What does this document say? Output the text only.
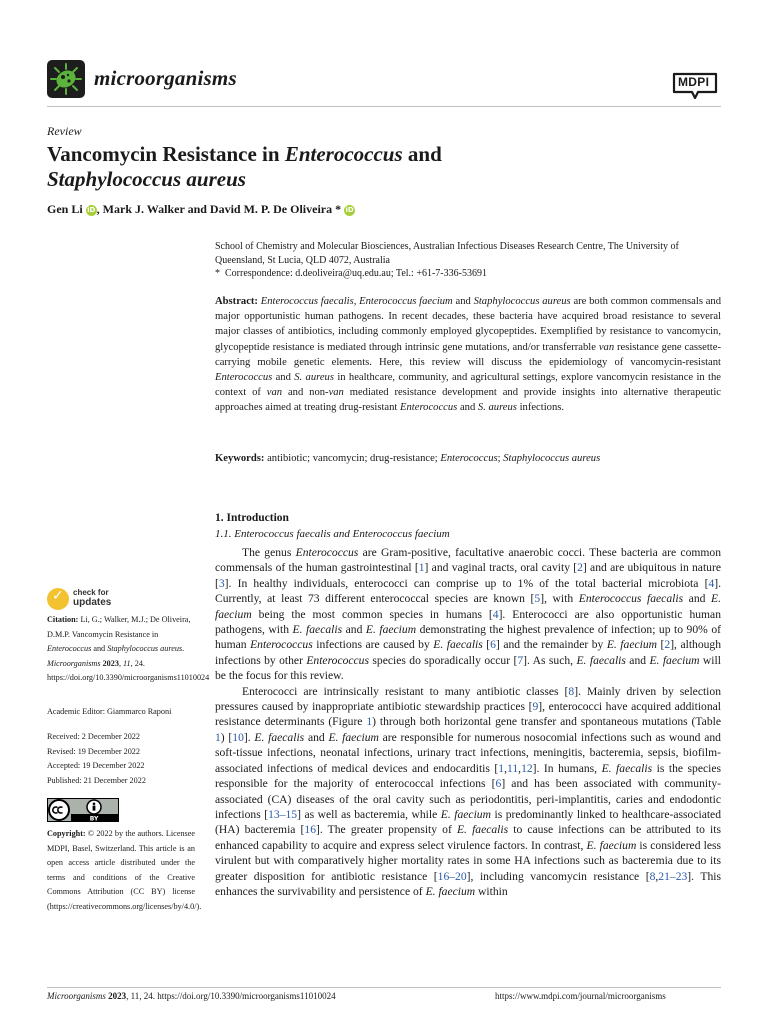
microorganisms	MDPI
Review
Vancomycin Resistance in Enterococcus and
Staphylococcus aureus
Gen Li iD, Mark J. Walker and David M. P. De Oliveira * iD
School of Chemistry and Molecular Biosciences, Australian Infectious Diseases Research Centre, The University of Queensland, St Lucia, QLD 4072, Australia
* Correspondence: d.deoliveira@uq.edu.au; Tel.: +61-7-336-53691
Abstract: Enterococcus faecalis, Enterococcus faecium and Staphylococcus aureus are both common commensals and major opportunistic human pathogens. In recent decades, these bacteria have acquired broad resistance to several major classes of antibiotics, including commonly employed glycopeptides. Exemplified by resistance to vancomycin, glycopeptide resistance is mediated through intrinsic gene mutations, and/or transferrable van resistance gene cassette-carrying mobile genetic elements. Here, this review will discuss the epidemiology of vancomycin-resistant Enterococcus and S. aureus in healthcare, community, and agricultural settings, explore vancomycin resistance in the context of van and non-van mediated resistance development and provide insights into alternative therapeutic approaches aimed at treating drug-resistant Enterococcus and S. aureus infections.
Keywords: antibiotic; vancomycin; drug-resistance; Enterococcus; Staphylococcus aureus
1. Introduction
1.1. Enterococcus faecalis and Enterococcus faecium

The genus Enterococcus are Gram-positive, facultative anaerobic cocci. These bacteria are common commensals of the human gastrointestinal [1] and vaginal tracts, oral cavity [2] and are ubiquitous in nature [3]. In healthy individuals, enterococci can comprise up to 1% of the total bacterial microbiota [4]. Currently, at least 73 different enterococcal species are known [5], with Enterococcus faecalis and E. faecium being the most common species in humans [4]. Enterococci are also opportunistic human pathogens, with E. faecalis and E. faecium demonstrating the highest prevalence of infection; up to 90% of human Enterococcus infections are caused by E. faecalis [6] and the remainder by E. faecium [2], although infections by other Enterococcus species do sporadically occur [7]. As such, E. faecalis and E. faecium will be the focus for this review.

Enterococci are intrinsically resistant to many antibiotic classes [8]. Mainly driven by selection pressures caused by inappropriate antibiotic stewardship practices [9], enterococci have acquired additional resistance determinants (Figure 1) through both horizontal gene transfer and spontaneous mutations (Table 1) [10]. E. faecalis and E. faecium are responsible for numerous nosocomial infections such as wound and soft-tissue infections, neonatal infections, urinary tract infections, meningitis, bacteremia, sepsis, biofilm-associated infections of medical devices and endocarditis [1,11,12]. In humans, E. faecalis is the species responsible for the majority of enterococcal infections [6] and has been associated with community-associated (CA) diseases of the oral cavity such as periodontitis, peri-implantitis, caries and endodontic infections [13–15] as well as bacteremia, while E. faecium is predominantly linked to healthcare-associated (HA) bacteremia [16]. The greater propensity of E. faecalis to cause infections can be attributed to its enhanced capability to acquire and express select virulence factors. In contrast, E. faecium is considered less virulent but with comparatively higher mortality rates in some HA infections such as bacteremia due to its greater disposition for antibiotic resistance [16–20], including vancomycin resistance [8,21–23]. This enhances the survivability and persistence of E. faecium within

✓ check for
updates
Citation: Li, G.; Walker, M.J.; De Oliveira, D.M.P. Vancomycin Resistance in Enterococcus and Staphylococcus aureus. Microorganisms 2023, 11, 24. https://doi.org/10.3390/microorganisms11010024
Academic Editor: Giammarco Raponi
Received: 2 December 2022
Revised: 19 December 2022
Accepted: 19 December 2022
Published: 21 December 2022
BY
Copyright: © 2022 by the authors. Licensee MDPI, Basel, Switzerland. This article is an open access article distributed under the terms and conditions of the Creative Commons Attribution (CC BY) license (https://creativecommons.org/licenses/by/4.0/).
Microorganisms 2023, 11, 24. https://doi.org/10.3390/microorganisms11010024	https://www.mdpi.com/journal/microorganisms
